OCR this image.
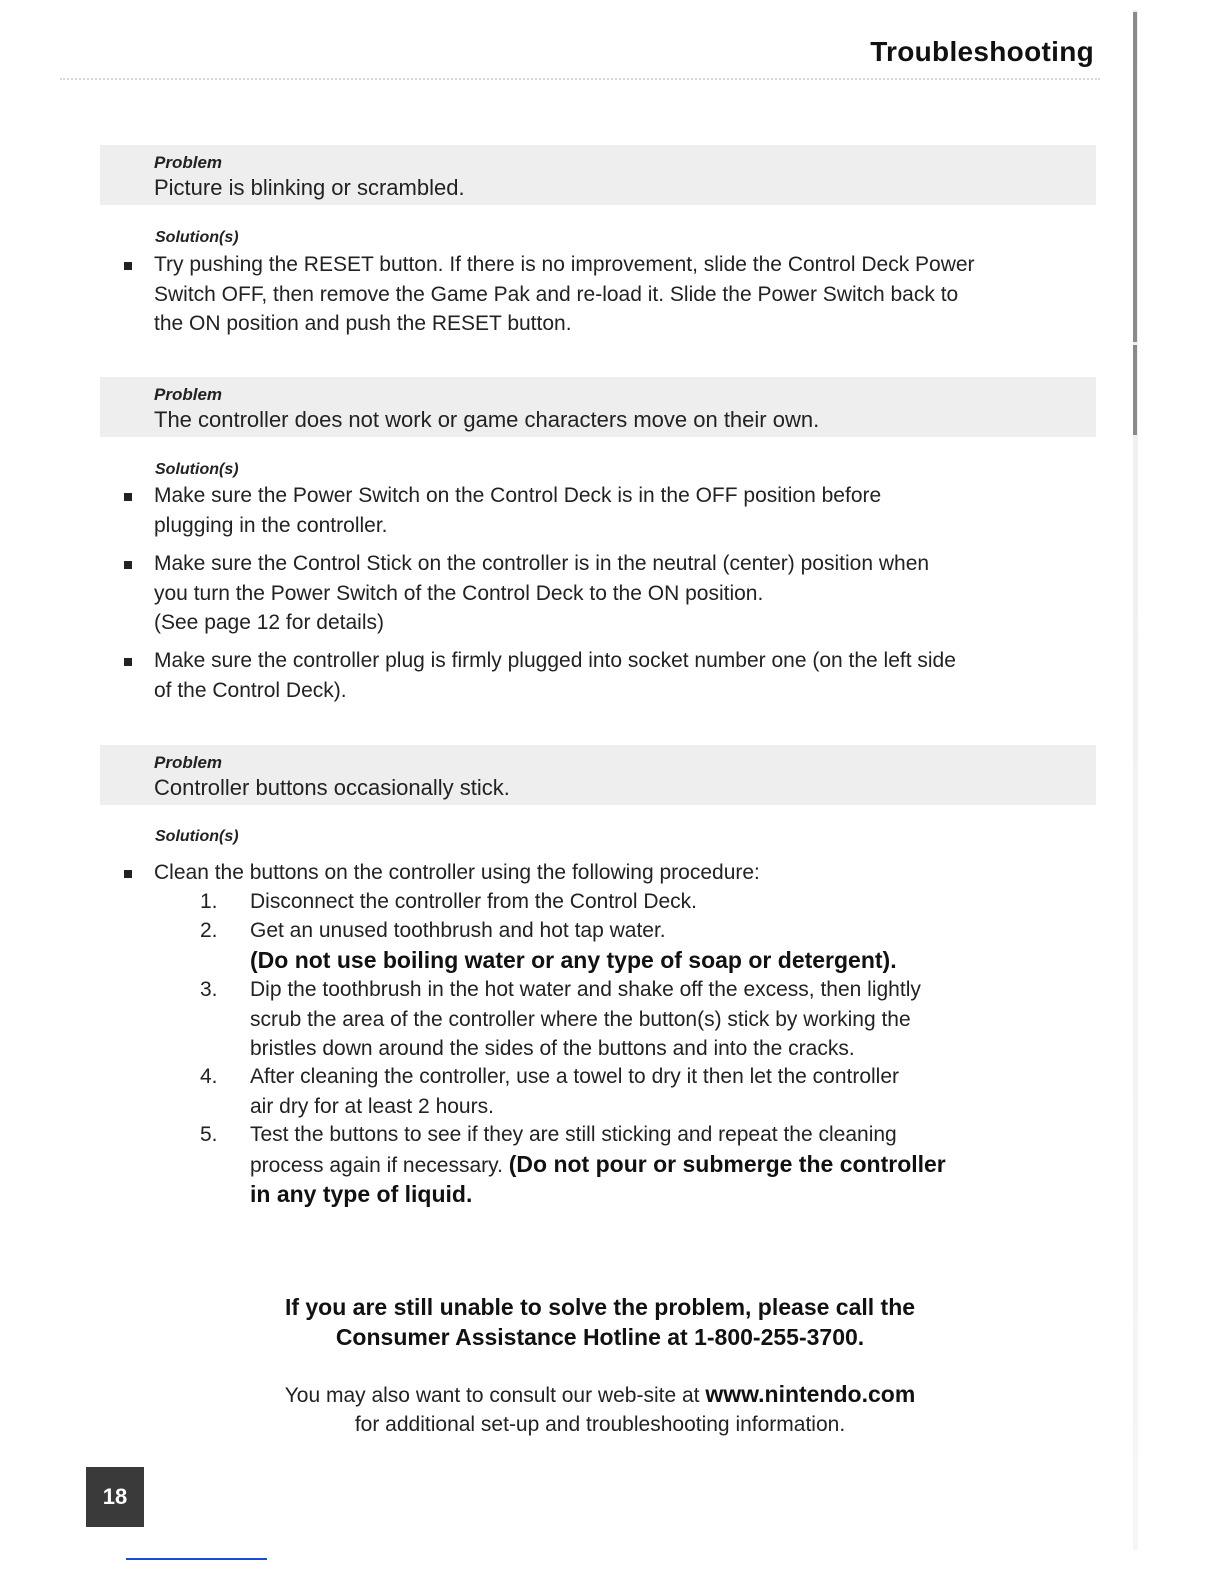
Troubleshooting
Problem
Picture is blinking or scrambled.
Solution(s)
Try pushing the RESET button. If there is no improvement, slide the Control Deck Power
Switch OFF, then remove the Game Pak and re-load it. Slide the Power Switch back to
the ON position and push the RESET button.
Problem
The controller does not work or game characters move on their own.
Solution(s)
Make sure the Power Switch on the Control Deck is in the OFF position before
plugging in the controller.
Make sure the Control Stick on the controller is in the neutral (center) position when
you turn the Power Switch of the Control Deck to the ON position.
(See page 12 for details)
Make sure the controller plug is firmly plugged into socket number one (on the left side
of the Control Deck).
Problem
Controller buttons occasionally stick.
Solution(s)
Clean the buttons on the controller using the following procedure:
1.	Disconnect the controller from the Control Deck.
2.	Get an unused toothbrush and hot tap water.
(Do not use boiling water or any type of soap or detergent).
3.	Dip the toothbrush in the hot water and shake off the excess, then lightly
scrub the area of the controller where the button(s) stick by working the
bristles down around the sides of the buttons and into the cracks.
4.	After cleaning the controller, use a towel to dry it then let the controller
air dry for at least 2 hours.
5.	Test the buttons to see if they are still sticking and repeat the cleaning
process again if necessary. (Do not pour or submerge the controller
in any type of liquid.
If you are still unable to solve the problem, please call the
Consumer Assistance Hotline at 1-800-255-3700.
You may also want to consult our web-site at www.nintendo.com
for additional set-up and troubleshooting information.
18
